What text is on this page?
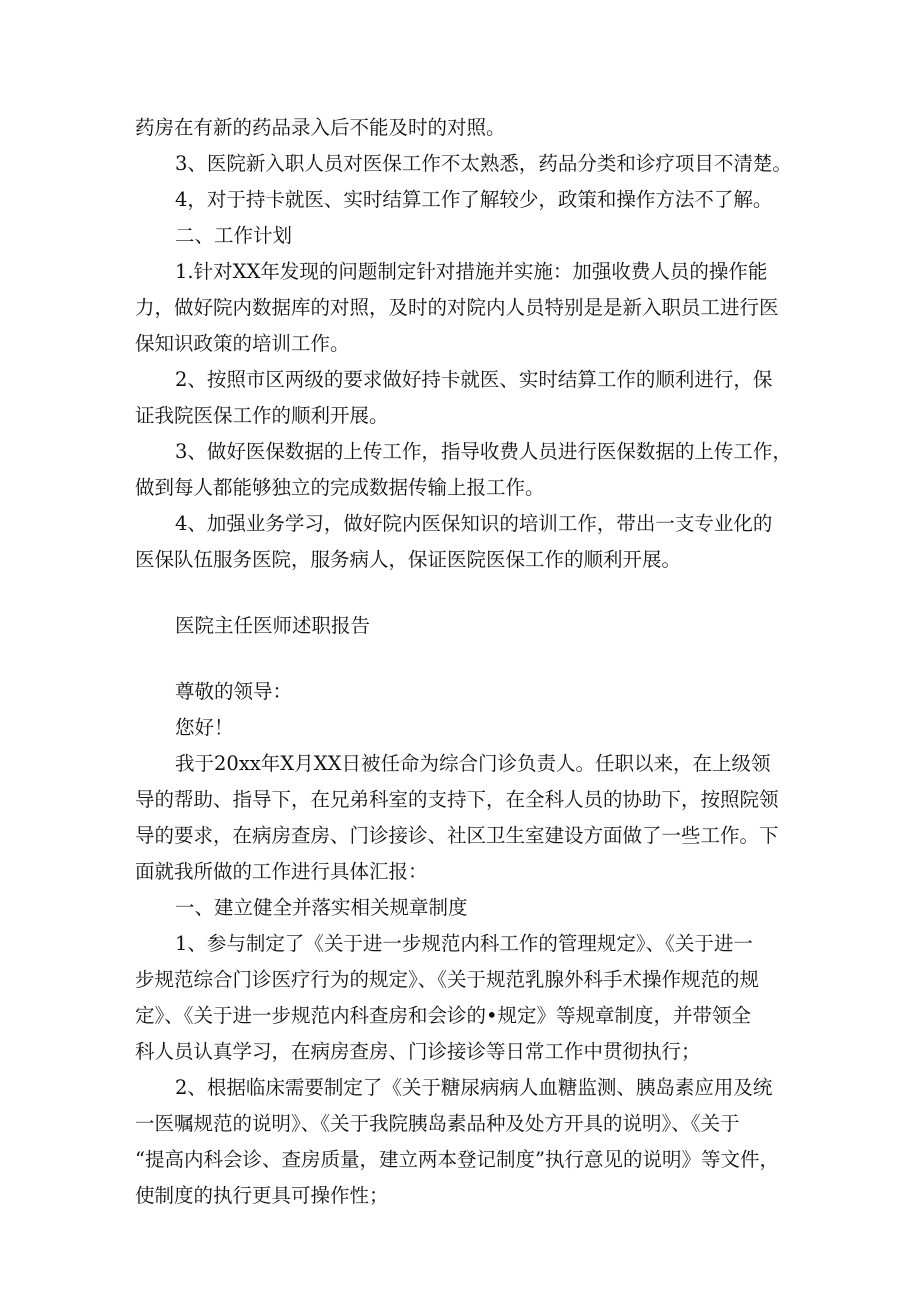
药房在有新的药品录入后不能及时的对照。
3、医院新入职人员对医保工作不太熟悉，药品分类和诊疗项目不清楚。
4，对于持卡就医、实时结算工作了解较少，政策和操作方法不了解。
二、工作计划
1.针对XX年发现的问题制定针对措施并实施：加强收费人员的操作能
力，做好院内数据库的对照，及时的对院内人员特别是是新入职员工进行医
保知识政策的培训工作。
2、按照市区两级的要求做好持卡就医、实时结算工作的顺利进行，保
证我院医保工作的顺利开展。
3、做好医保数据的上传工作，指导收费人员进行医保数据的上传工作，
做到每人都能够独立的完成数据传输上报工作。
4、加强业务学习，做好院内医保知识的培训工作，带出一支专业化的
医保队伍服务医院，服务病人，保证医院医保工作的顺利开展。
医院主任医师述职报告
尊敬的领导：
您好！
我于20xx年X月XX日被任命为综合门诊负责人。任职以来，在上级领
导的帮助、指导下，在兄弟科室的支持下，在全科人员的协助下，按照院领
导的要求，在病房查房、门诊接诊、社区卫生室建设方面做了一些工作。下
面就我所做的工作进行具体汇报：
一、建立健全并落实相关规章制度
1、参与制定了《关于进一步规范内科工作的管理规定》、《关于进一
步规范综合门诊医疗行为的规定》、《关于规范乳腺外科手术操作规范的规
定》、《关于进一步规范内科查房和会诊的•规定》等规章制度，并带领全
科人员认真学习，在病房查房、门诊接诊等日常工作中贯彻执行；
2、根据临床需要制定了《关于糖尿病病人血糖监测、胰岛素应用及统
一医嘱规范的说明》、《关于我院胰岛素品种及处方开具的说明》、《关于
“提高内科会诊、查房质量，建立两本登记制度”执行意见的说明》等文件，
使制度的执行更具可操作性；
